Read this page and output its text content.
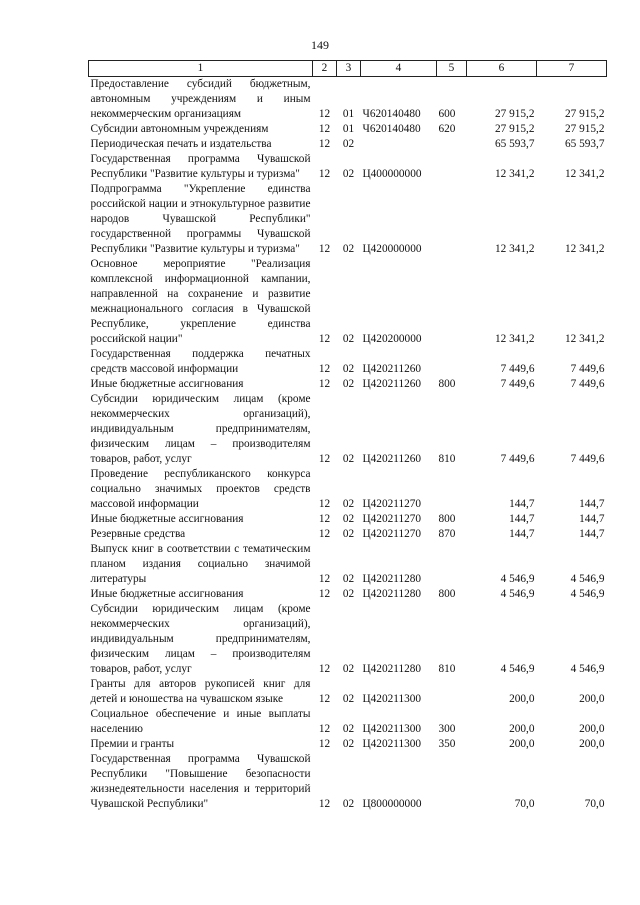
149
1	2	3	4	5	6	7
Предоставление субсидий бюджетным, автономным учреждениям и иным некоммерческим организациям	12	01	Ч620140480	600	27 915,2	27 915,2
Субсидии автономным учреждениям	12	01	Ч620140480	620	27 915,2	27 915,2
Периодическая печать и издательства	12	02			65 593,7	65 593,7
Государственная программа Чувашской Республики "Развитие культуры и туризма"	12	02	Ц400000000		12 341,2	12 341,2
Подпрограмма "Укрепление единства российской нации и этнокультурное развитие народов Чувашской Республики" государственной программы Чувашской Республики "Развитие культуры и туризма"	12	02	Ц420000000		12 341,2	12 341,2
Основное мероприятие "Реализация комплексной информационной кампании, направленной на сохранение и развитие межнационального согласия в Чувашской Республике, укрепление единства российской нации"	12	02	Ц420200000		12 341,2	12 341,2
Государственная поддержка печатных средств массовой информации	12	02	Ц420211260		7 449,6	7 449,6
Иные бюджетные ассигнования	12	02	Ц420211260	800	7 449,6	7 449,6
Субсидии юридическим лицам (кроме некоммерческих организаций), индивидуальным предпринимателям, физическим лицам – производителям товаров, работ, услуг	12	02	Ц420211260	810	7 449,6	7 449,6
Проведение республиканского конкурса социально значимых проектов средств массовой информации	12	02	Ц420211270		144,7	144,7
Иные бюджетные ассигнования	12	02	Ц420211270	800	144,7	144,7
Резервные средства	12	02	Ц420211270	870	144,7	144,7
Выпуск книг в соответствии с тематическим планом издания социально значимой литературы	12	02	Ц420211280		4 546,9	4 546,9
Иные бюджетные ассигнования	12	02	Ц420211280	800	4 546,9	4 546,9
Субсидии юридическим лицам (кроме некоммерческих организаций), индивидуальным предпринимателям, физическим лицам – производителям товаров, работ, услуг	12	02	Ц420211280	810	4 546,9	4 546,9
Гранты для авторов рукописей книг для детей и юношества на чувашском языке	12	02	Ц420211300		200,0	200,0
Социальное обеспечение и иные выплаты населению	12	02	Ц420211300	300	200,0	200,0
Премии и гранты	12	02	Ц420211300	350	200,0	200,0
Государственная программа Чувашской Республики "Повышение безопасности жизнедеятельности населения и территорий Чувашской Республики"	12	02	Ц800000000		70,0	70,0
